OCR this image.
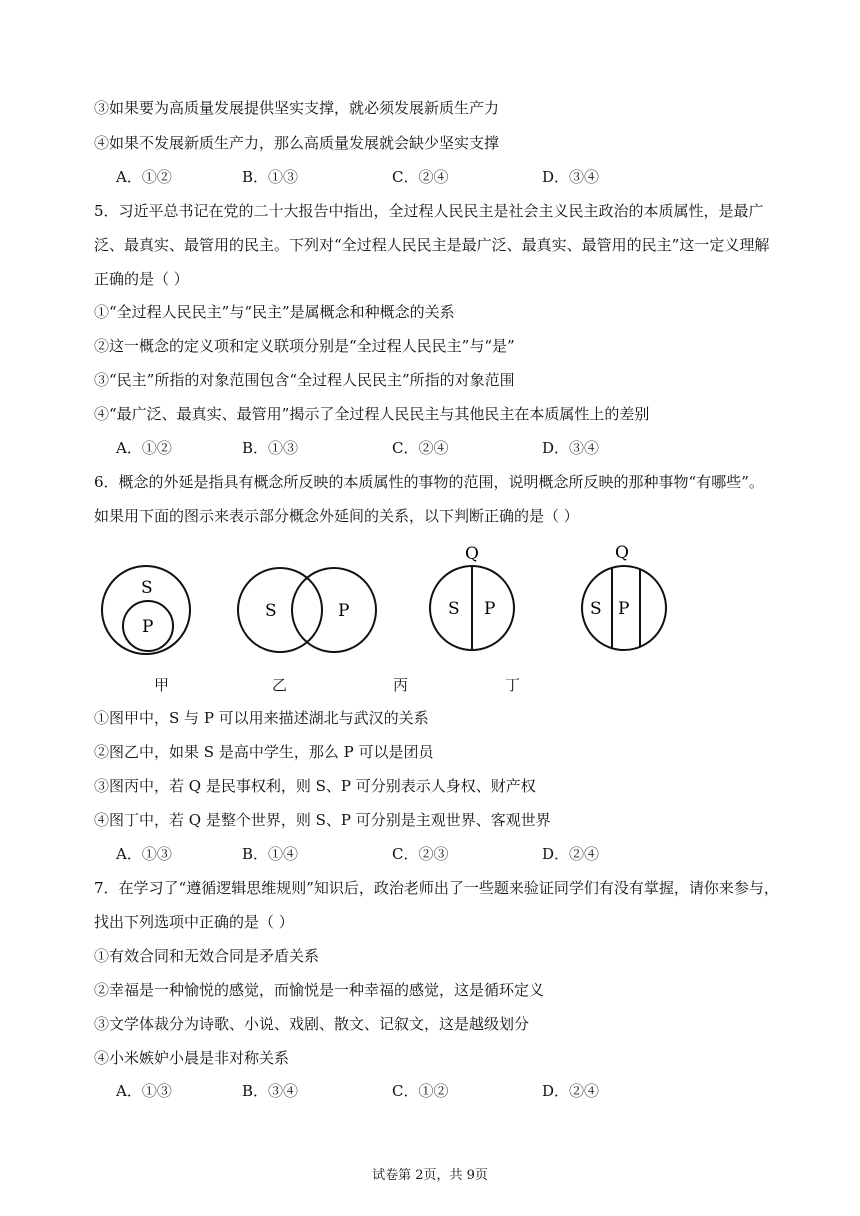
③如果要为高质量发展提供坚实支撑，就必须发展新质生产力
④如果不发展新质生产力，那么高质量发展就会缺少坚实支撑
A．①②	B．①③	C．②④	D．③④
5．习近平总书记在党的二十大报告中指出，全过程人民民主是社会主义民主政治的本质属性，是最广
泛、最真实、最管用的民主。下列对“全过程人民民主是最广泛、最真实、最管用的民主”这一定义理解
正确的是（ ）
①“全过程人民民主”与“民主”是属概念和种概念的关系
②这一概念的定义项和定义联项分别是“全过程人民民主”与“是”
③“民主”所指的对象范围包含“全过程人民民主”所指的对象范围
④“最广泛、最真实、最管用”揭示了全过程人民民主与其他民主在本质属性上的差别
A．①②	B．①③	C．②④	D．③④
6．概念的外延是指具有概念所反映的本质属性的事物的范围，说明概念所反映的那种事物“有哪些”。
如果用下面的图示来表示部分概念外延间的关系，以下判断正确的是（ ）
S
P
S	P
Q
S P
Q
S P
甲	乙	丙	丁
①图甲中，S 与 P 可以用来描述湖北与武汉的关系
②图乙中，如果 S 是高中学生，那么 P 可以是团员
③图丙中，若 Q 是民事权利，则 S、P 可分别表示人身权、财产权
④图丁中，若 Q 是整个世界，则 S、P 可分别是主观世界、客观世界
A．①③	B．①④	C．②③	D．②④
7．在学习了“遵循逻辑思维规则”知识后，政治老师出了一些题来验证同学们有没有掌握，请你来参与，
找出下列选项中正确的是（ ）
①有效合同和无效合同是矛盾关系
②幸福是一种愉悦的感觉，而愉悦是一种幸福的感觉，这是循环定义
③文学体裁分为诗歌、小说、戏剧、散文、记叙文，这是越级划分
④小米嫉妒小晨是非对称关系
A．①③	B．③④	C．①②	D．②④
试卷第 2页，共 9页
